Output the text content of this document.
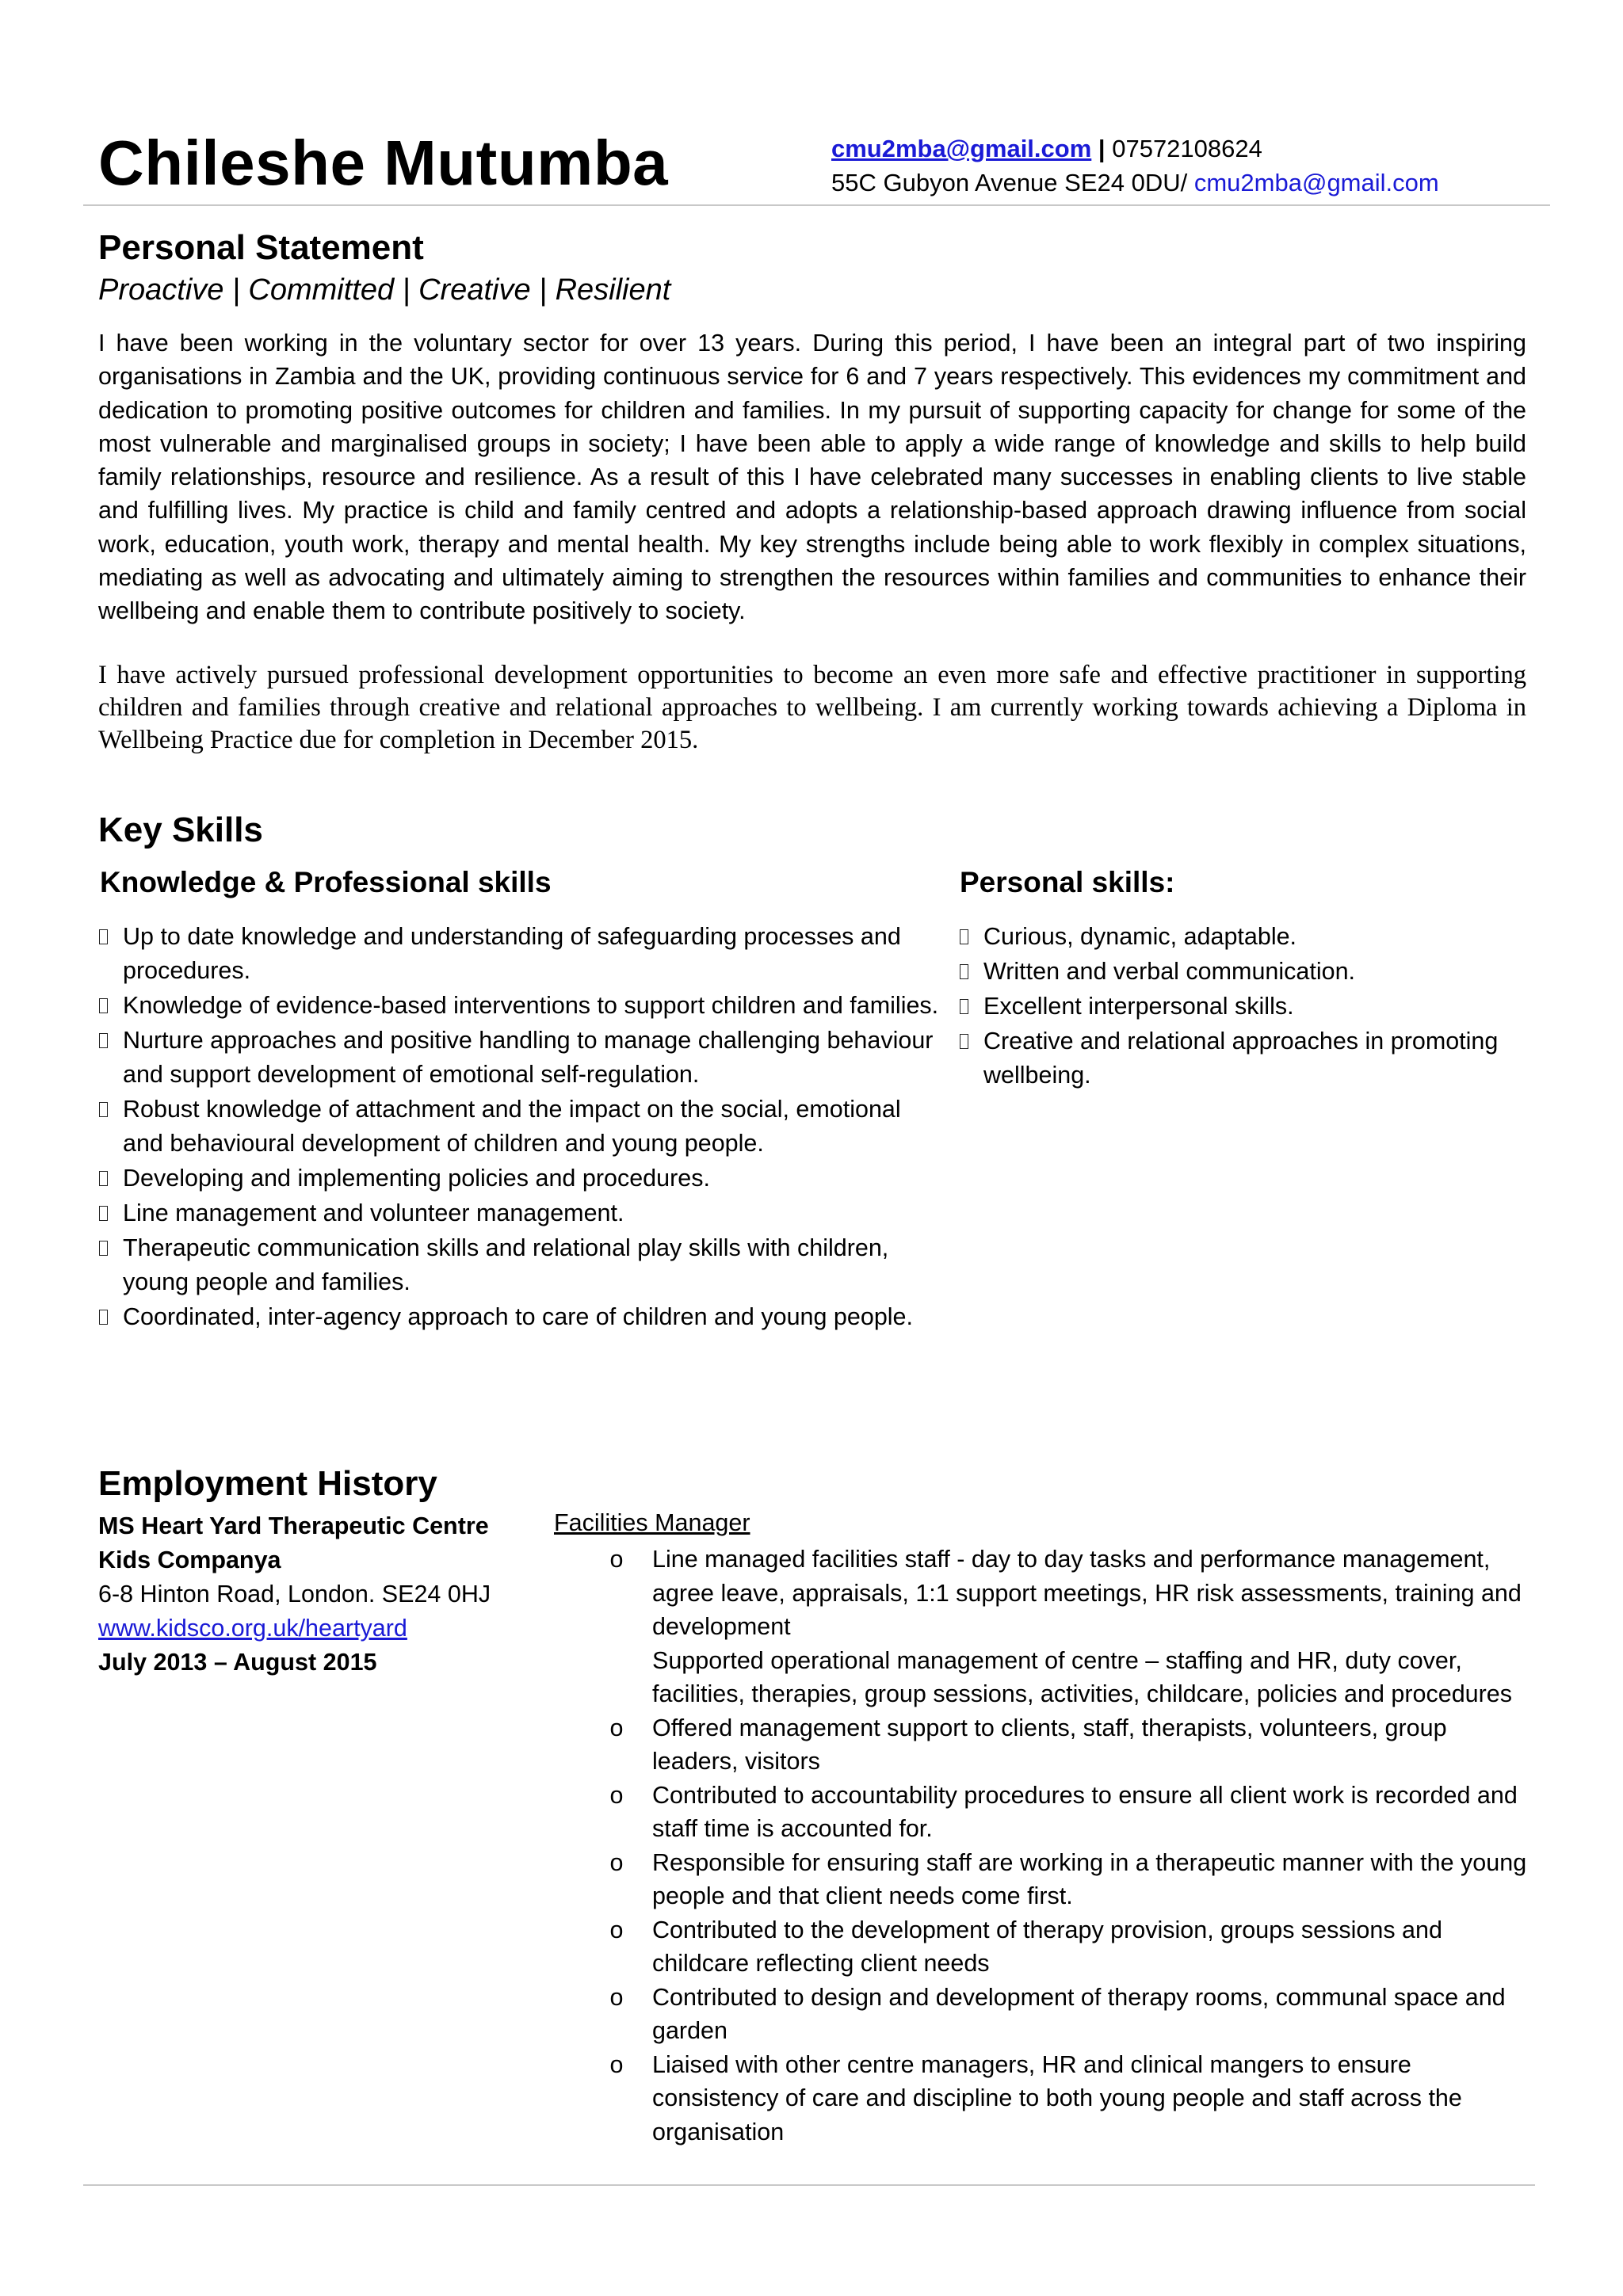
Chileshe Mutumba	cmu2mba@gmail.com | 07572108624
55C Gubyon Avenue SE24 0DU/ cmu2mba@gmail.com
Personal Statement
Proactive | Committed | Creative | Resilient
I have been working in the voluntary sector for over 13 years. During this period, I have been an integral part of two inspiring organisations in Zambia and the UK, providing continuous service for 6 and 7 years respectively. This evidences my commitment and dedication to promoting positive outcomes for children and families. In my pursuit of supporting capacity for change for some of the most vulnerable and marginalised groups in society; I have been able to apply a wide range of knowledge and skills to help build family relationships, resource and resilience. As a result of this I have celebrated many successes in enabling clients to live stable and fulfilling lives. My practice is child and family centred and adopts a relationship-based approach drawing influence from social work, education, youth work, therapy and mental health. My key strengths include being able to work flexibly in complex situations, mediating as well as advocating and ultimately aiming to strengthen the resources within families and communities to enhance their wellbeing and enable them to contribute positively to society.
I have actively pursued professional development opportunities to become an even more safe and effective practitioner in supporting children and families through creative and relational approaches to wellbeing. I am currently working towards achieving a Diploma in Wellbeing Practice due for completion in December 2015.
Key Skills
Knowledge & Professional skills	Personal skills:
Up to date knowledge and understanding of safeguarding processes and procedures.
Knowledge of evidence-based interventions to support children and families.
Nurture approaches and positive handling to manage challenging behaviour and support development of emotional self-regulation.
Robust knowledge of attachment and the impact on the social, emotional and behavioural development of children and young people.
Developing and implementing policies and procedures.
Line management and volunteer management.
Therapeutic communication skills and relational play skills with children, young people and families.
Coordinated, inter-agency approach to care of children and young people.
Curious, dynamic, adaptable.
Written and verbal communication.
Excellent interpersonal skills.
Creative and relational approaches in promoting wellbeing.
Employment History
MS Heart Yard Therapeutic Centre
Kids Companya
6-8 Hinton Road, London. SE24 0HJ
www.kidsco.org.uk/heartyard
July 2013 – August 2015
Facilities Manager
o Line managed facilities staff - day to day tasks and performance management, agree leave, appraisals, 1:1 support meetings, HR risk assessments, training and development
Supported operational management of centre – staffing and HR, duty cover, facilities, therapies, group sessions, activities, childcare, policies and procedures
o Offered management support to clients, staff, therapists, volunteers, group leaders, visitors
o Contributed to accountability procedures to ensure all client work is recorded and staff time is accounted for.
o Responsible for ensuring staff are working in a therapeutic manner with the young people and that client needs come first.
o Contributed to the development of therapy provision, groups sessions and childcare reflecting client needs
o Contributed to design and development of therapy rooms, communal space and garden
o Liaised with other centre managers, HR and clinical mangers to ensure consistency of care and discipline to both young people and staff across the organisation
